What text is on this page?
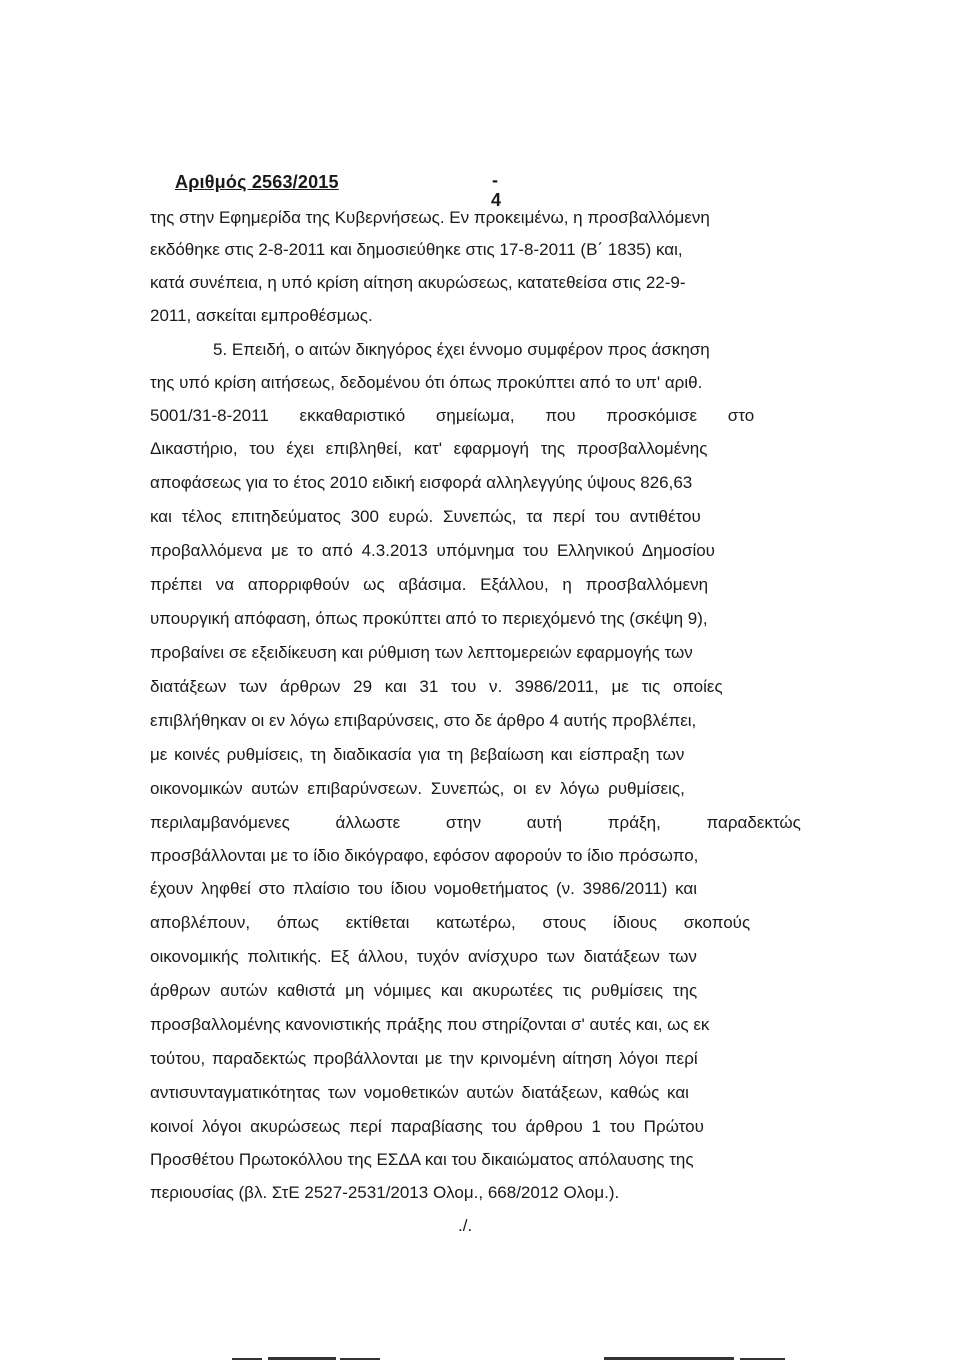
Αριθμός 2563/2015	-
4
της στην Εφημερίδα της Κυβερνήσεως. Εν προκειμένω, η προσβαλλόμενη
εκδόθηκε στις 2-8-2011 και δημοσιεύθηκε στις 17-8-2011 (Β΄ 1835) και,
κατά συνέπεια, η υπό κρίση αίτηση ακυρώσεως, κατατεθείσα στις 22-9-
2011, ασκείται εμπροθέσμως.
5. Επειδή, ο αιτών δικηγόρος έχει έννομο συμφέρον προς άσκηση
της υπό κρίση αιτήσεως, δεδομένου ότι όπως προκύπτει από το υπ' αριθ.
5001/31-8-2011 εκκαθαριστικό σημείωμα, που προσκόμισε στο
Δικαστήριο, του έχει επιβληθεί, κατ' εφαρμογή της προσβαλλομένης
αποφάσεως για το έτος 2010 ειδική εισφορά αλληλεγγύης ύψους 826,63
και τέλος επιτηδεύματος 300 ευρώ. Συνεπώς, τα περί του αντιθέτου
προβαλλόμενα με το από 4.3.2013 υπόμνημα του Ελληνικού Δημοσίου
πρέπει να απορριφθούν ως αβάσιμα. Εξάλλου, η προσβαλλόμενη
υπουργική απόφαση, όπως προκύπτει από το περιεχόμενό της (σκέψη 9),
προβαίνει σε εξειδίκευση και ρύθμιση των λεπτομερειών εφαρμογής των
διατάξεων των άρθρων 29 και 31 του ν. 3986/2011, με τις οποίες
επιβλήθηκαν οι εν λόγω επιβαρύνσεις, στο δε άρθρο 4 αυτής προβλέπει,
με κοινές ρυθμίσεις, τη διαδικασία για τη βεβαίωση και είσπραξη των
οικονομικών αυτών επιβαρύνσεων. Συνεπώς, οι εν λόγω ρυθμίσεις,
περιλαμβανόμενες άλλωστε στην αυτή πράξη, παραδεκτώς
προσβάλλονται με το ίδιο δικόγραφο, εφόσον αφορούν το ίδιο πρόσωπο,
έχουν ληφθεί στο πλαίσιο του ίδιου νομοθετήματος (ν. 3986/2011) και
αποβλέπουν, όπως εκτίθεται κατωτέρω, στους ίδιους σκοπούς
οικονομικής πολιτικής. Εξ άλλου, τυχόν ανίσχυρο των διατάξεων των
άρθρων αυτών καθιστά μη νόμιμες και ακυρωτέες τις ρυθμίσεις της
προσβαλλομένης κανονιστικής πράξης που στηρίζονται σ' αυτές και, ως εκ
τούτου, παραδεκτώς προβάλλονται με την κρινομένη αίτηση λόγοι περί
αντισυνταγματικότητας των νομοθετικών αυτών διατάξεων, καθώς και
κοινοί λόγοι ακυρώσεως περί παραβίασης του άρθρου 1 του Πρώτου
Προσθέτου Πρωτοκόλλου της ΕΣΔΑ και του δικαιώματος απόλαυσης της
περιουσίας (βλ. ΣτΕ 2527-2531/2013 Ολομ., 668/2012 Ολομ.).
./.
